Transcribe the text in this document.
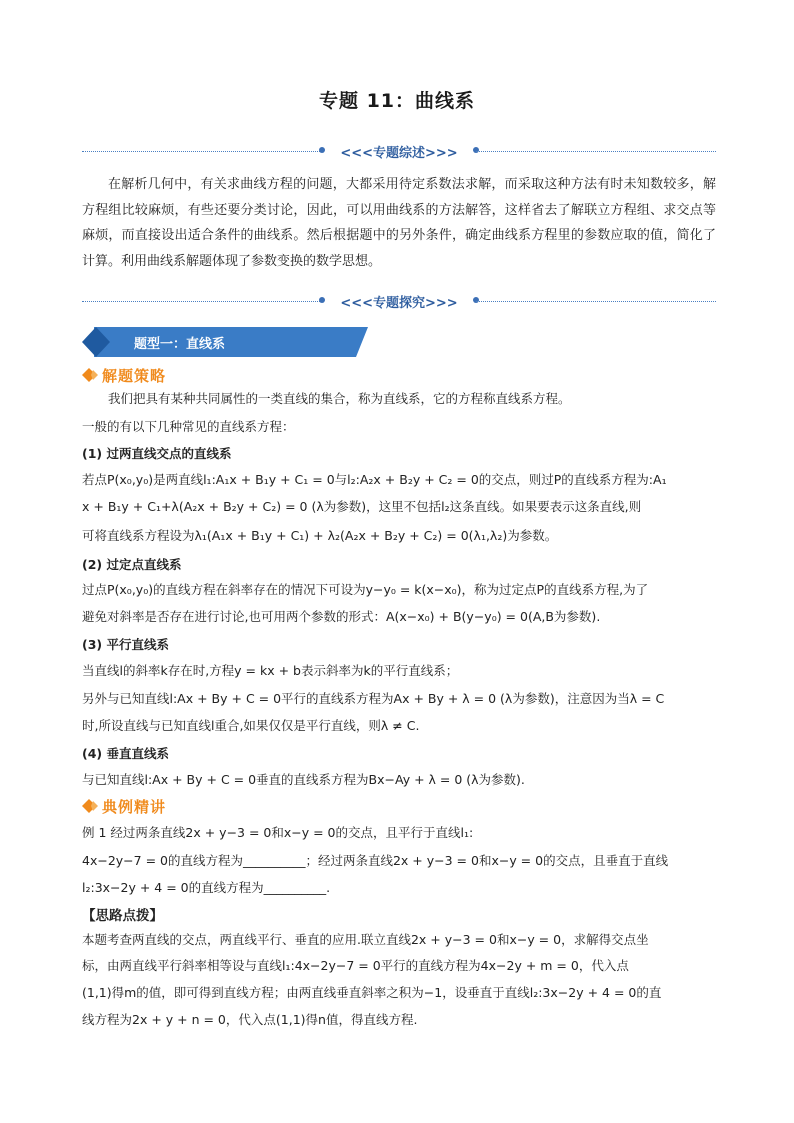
专题 11：曲线系
<<<专题综述>>>
在解析几何中，有关求曲线方程的问题，大都采用待定系数法求解，而采取这种方法有时未知数较多，解方程组比较麻烦，有些还要分类讨论，因此，可以用曲线系的方法解答，这样省去了解联立方程组、求交点等麻烦，而直接设出适合条件的曲线系。然后根据题中的另外条件，确定曲线系方程里的参数应取的值，简化了计算。利用曲线系解题体现了参数变换的数学思想。
<<<专题探究>>>
题型一：直线系
解题策略
我们把具有某种共同属性的一类直线的集合，称为直线系，它的方程称直线系方程。
一般的有以下几种常见的直线系方程：
(1) 过两直线交点的直线系
若点P(x₀,y₀)是两直线l₁:A₁x + B₁y + C₁ = 0与l₂:A₂x + B₂y + C₂ = 0的交点，则过P的直线系方程为:A₁
x + B₁y + C₁+λ(A₂x + B₂y + C₂) = 0 (λ为参数)，这里不包括l₂这条直线。如果要表示这条直线,则
可将直线系方程设为λ₁(A₁x + B₁y + C₁) + λ₂(A₂x + B₂y + C₂) = 0(λ₁,λ₂)为参数。
(2) 过定点直线系
过点P(x₀,y₀)的直线方程在斜率存在的情况下可设为y−y₀ = k(x−x₀)，称为过定点P的直线系方程,为了
避免对斜率是否存在进行讨论,也可用两个参数的形式：A(x−x₀) + B(y−y₀) = 0(A,B为参数).
(3) 平行直线系
当直线l的斜率k存在时,方程y = kx + b表示斜率为k的平行直线系；
另外与已知直线l:Ax + By + C = 0平行的直线系方程为Ax + By + λ = 0 (λ为参数)，注意因为当λ = C
时,所设直线与已知直线l重合,如果仅仅是平行直线，则λ ≠ C.
(4) 垂直直线系
与已知直线l:Ax + By + C = 0垂直的直线系方程为Bx−Ay + λ = 0 (λ为参数).
典例精讲
例 1 经过两条直线2x + y−3 = 0和x−y = 0的交点，且平行于直线l₁:
4x−2y−7 = 0的直线方程为__________；经过两条直线2x + y−3 = 0和x−y = 0的交点，且垂直于直线
l₂:3x−2y + 4 = 0的直线方程为__________.
【思路点拨】
本题考查两直线的交点，两直线平行、垂直的应用.联立直线2x + y−3 = 0和x−y = 0，求解得交点坐
标，由两直线平行斜率相等设与直线l₁:4x−2y−7 = 0平行的直线方程为4x−2y + m = 0，代入点
(1,1)得m的值，即可得到直线方程；由两直线垂直斜率之积为−1，设垂直于直线l₂:3x−2y + 4 = 0的直
线方程为2x + y + n = 0，代入点(1,1)得n值，得直线方程.
